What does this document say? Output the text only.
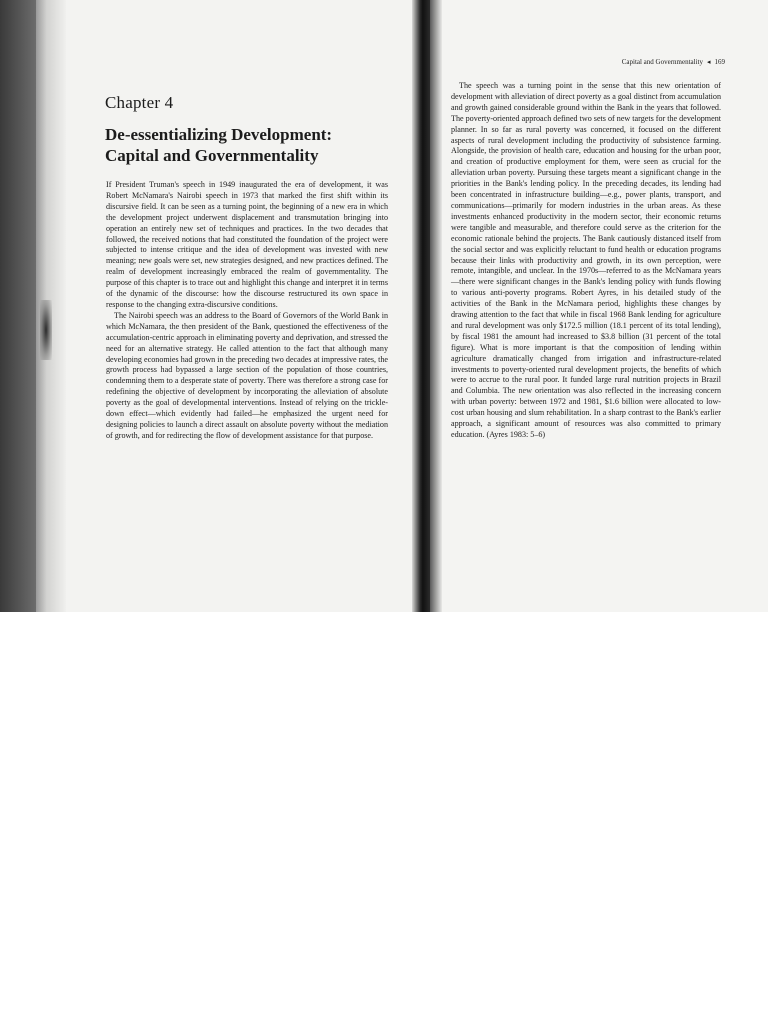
Chapter 4
De-essentializing Development:
Capital and Governmentality

If President Truman's speech in 1949 inaugurated the era of development, it was Robert McNamara's Nairobi speech in 1973 that marked the first shift within its discursive field. It can be seen as a turning point, the beginning of a new era in which the development project underwent displacement and transmutation bringing into operation an entirely new set of techniques and practices. In the two decades that followed, the received notions that had constituted the foundation of the project were subjected to intense critique and the idea of development was invested with new meaning; new goals were set, new strategies designed, and new practices defined. The realm of development increasingly embraced the realm of governmentality. The purpose of this chapter is to trace out and highlight this change and interpret it in terms of the dynamic of the discourse: how the discourse restructured its own space in response to the changing extra-discursive conditions.

The Nairobi speech was an address to the Board of Governors of the World Bank in which McNamara, the then president of the Bank, questioned the effectiveness of the accumulation-centric approach in eliminating poverty and deprivation, and stressed the need for an alternative strategy. He called attention to the fact that although many developing economies had grown in the preceding two decades at impressive rates, the growth process had bypassed a large section of the population of those countries, condemning them to a desperate state of poverty. There was therefore a strong case for redefining the objective of development by incorporating the alleviation of absolute poverty as the goal of developmental interventions. Instead of relying on the trickle-down effect—which evidently had failed—he emphasized the urgent need for designing policies to launch a direct assault on absolute poverty without the mediation of growth, and for redirecting the flow of development assistance for that purpose.

Capital and Governmentality ◂ 169

The speech was a turning point in the sense that this new orientation of development with alleviation of direct poverty as a goal distinct from accumulation and growth gained considerable ground within the Bank in the years that followed. The poverty-oriented approach defined two sets of new targets for the development planner. In so far as rural poverty was concerned, it focused on the different aspects of rural development including the productivity of subsistence farming. Alongside, the provision of health care, education and housing for the urban poor, and creation of productive employment for them, were seen as crucial for the alleviation urban poverty. Pursuing these targets meant a significant change in the priorities in the Bank's lending policy. In the preceding decades, its lending had been concentrated in infrastructure building—e.g., power plants, transport, and communications—primarily for modern industries in the urban areas. As these investments enhanced productivity in the modern sector, their economic returns were tangible and measurable, and therefore could serve as the criterion for the economic rationale behind the projects. The Bank cautiously distanced itself from the social sector and was explicitly reluctant to fund health or education programs because their links with productivity and growth, in its own perception, were remote, intangible, and unclear. In the 1970s—referred to as the McNamara years—there were significant changes in the Bank's lending policy with funds flowing to various anti-poverty programs. Robert Ayres, in his detailed study of the activities of the Bank in the McNamara period, highlights these changes by drawing attention to the fact that while in fiscal 1968 Bank lending for agriculture and rural development was only $172.5 million (18.1 percent of its total lending), by fiscal 1981 the amount had increased to $3.8 billion (31 percent of the total figure). What is more important is that the composition of lending within agriculture dramatically changed from irrigation and infrastructure-related investments to poverty-oriented rural development projects, the benefits of which were to accrue to the rural poor. It funded large rural nutrition projects in Brazil and Columbia. The new orientation was also reflected in the increasing concern with urban poverty: between 1972 and 1981, $1.6 billion were allocated to low-cost urban housing and slum rehabilitation. In a sharp contrast to the Bank's earlier approach, a significant amount of resources was also committed to primary education. (Ayres 1983: 5–6)
